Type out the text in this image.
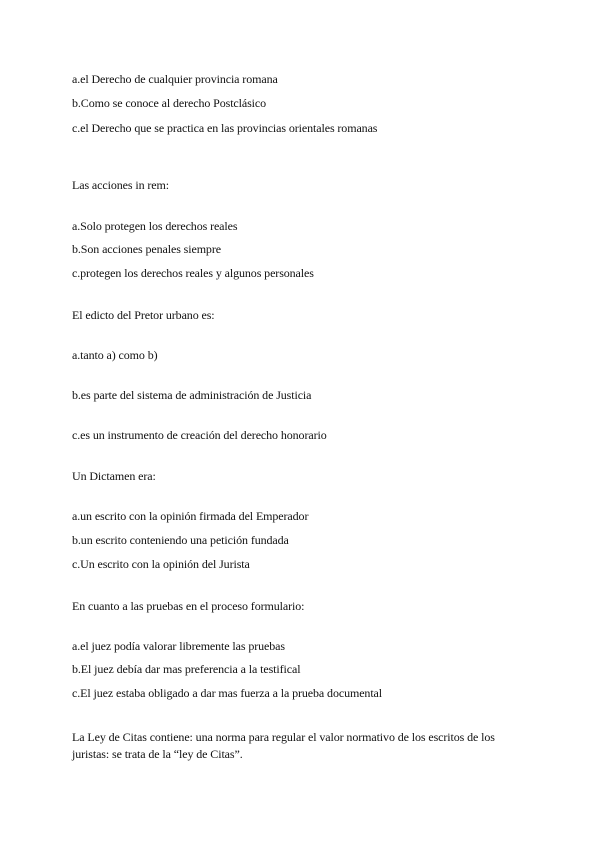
a.el Derecho de cualquier provincia romana
b.Como se conoce al derecho Postclásico
c.el Derecho que se practica en las provincias orientales romanas
Las acciones in rem:
a.Solo protegen los derechos reales
b.Son acciones penales siempre
c.protegen los derechos reales y algunos personales
El edicto del Pretor urbano es:
a.tanto a) como b)
b.es parte del sistema de administración de Justicia
c.es un instrumento de creación del derecho honorario
Un Dictamen era:
a.un escrito con la opinión firmada del Emperador
b.un escrito conteniendo una petición fundada
c.Un escrito con la opinión del Jurista
En cuanto a las pruebas en el proceso formulario:
a.el juez podía valorar libremente las pruebas
b.El juez debía dar mas preferencia a la testifical
c.El juez estaba obligado a dar mas fuerza a la prueba documental
La Ley de Citas contiene: una norma para regular el valor normativo de los escritos de los juristas: se trata de la “ley de Citas”.
